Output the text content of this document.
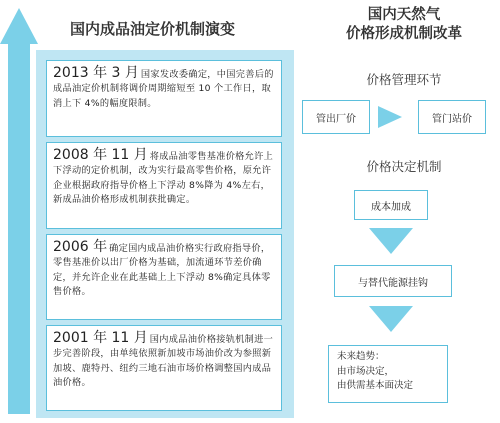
国内成品油定价机制演变
2013 年 3 月 国家发改委确定，中国完善后的成品油定价机制将调价周期缩短至 10 个工作日，取消上下 4%的幅度限制。
2008 年 11 月 将成品油零售基准价格允许上下浮动的定价机制，改为实行最高零售价格，原允许企业根据政府指导价格上下浮动 8%降为 4%左右，新成品油价格形成机制获批确定。
2006 年 确定国内成品油价格实行政府指导价，零售基准价以出厂价格为基础，加流通环节差价确定，并允许企业在此基础上上下浮动 8%确定具体零售价格。
2001 年 11 月 国内成品油价格接轨机制进一步完善阶段，由单纯依照新加坡市场油价改为参照新加坡、鹿特丹、纽约三地石油市场价格调整国内成品油价格。
国内天然气
价格形成机制改革
价格管理环节
管出厂价	管门站价
价格决定机制
成本加成
与替代能源挂钩
未来趋势：
由市场决定，
由供需基本面决定
